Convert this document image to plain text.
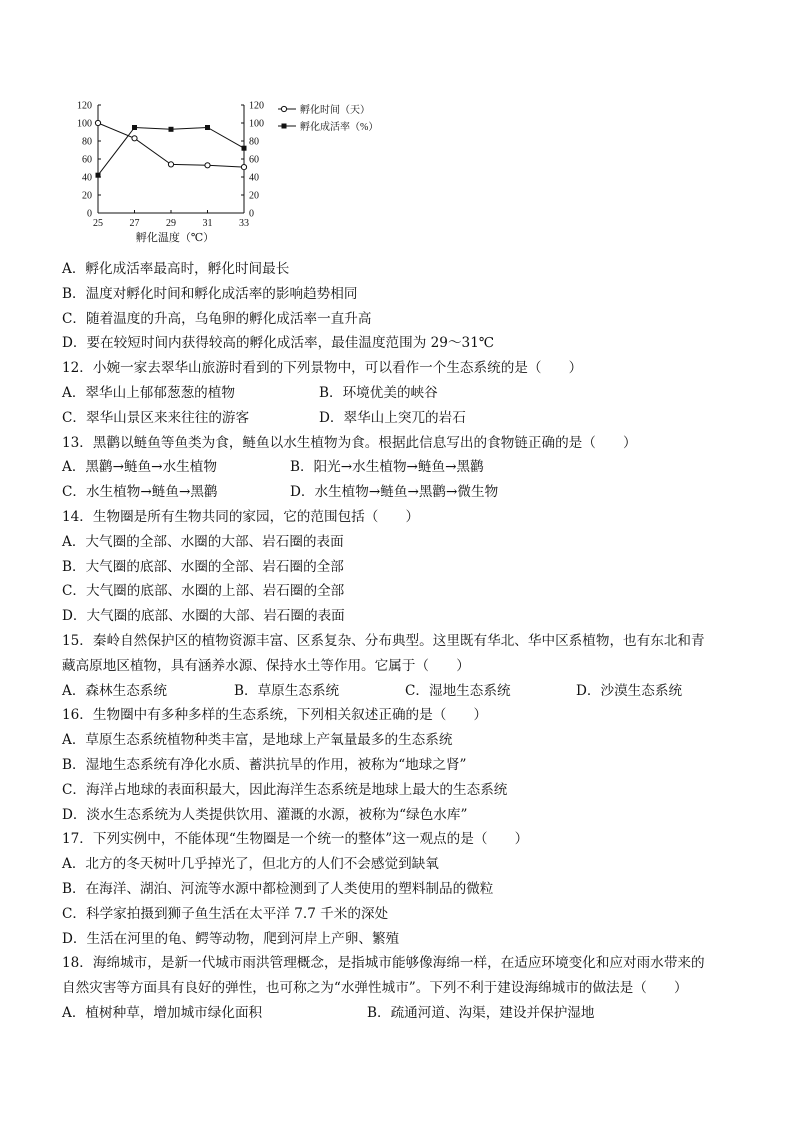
0
20
40
60
80
100
120
0
20
40
60
80
100
120
25	27	29	31	33
孵化时间（天）
孵化成活率（%）
孵化温度（℃）
A．孵化成活率最高时，孵化时间最长
B．温度对孵化时间和孵化成活率的影响趋势相同
C．随着温度的升高，乌龟卵的孵化成活率一直升高
D．要在较短时间内获得较高的孵化成活率，最佳温度范围为 29～31℃
12．小婉一家去翠华山旅游时看到的下列景物中，可以看作一个生态系统的是（　　）
A．翠华山上郁郁葱葱的植物	B．环境优美的峡谷
C．翠华山景区来来往往的游客	D．翠华山上突兀的岩石
13．黑鹳以鲢鱼等鱼类为食，鲢鱼以水生植物为食。根据此信息写出的食物链正确的是（　　）
A．黑鹳→鲢鱼→水生植物	B．阳光→水生植物→鲢鱼→黑鹳
C．水生植物→鲢鱼→黑鹳	D．水生植物→鲢鱼→黑鹳→微生物
14．生物圈是所有生物共同的家园，它的范围包括（　　）
A．大气圈的全部、水圈的大部、岩石圈的表面
B．大气圈的底部、水圈的全部、岩石圈的全部
C．大气圈的底部、水圈的上部、岩石圈的全部
D．大气圈的底部、水圈的大部、岩石圈的表面
15．秦岭自然保护区的植物资源丰富、区系复杂、分布典型。这里既有华北、华中区系植物，也有东北和青
藏高原地区植物，具有涵养水源、保持水土等作用。它属于（　　）
A．森林生态系统	B．草原生态系统	C．湿地生态系统	D．沙漠生态系统
16．生物圈中有多种多样的生态系统，下列相关叙述正确的是（　　）
A．草原生态系统植物种类丰富，是地球上产氧量最多的生态系统
B．湿地生态系统有净化水质、蓄洪抗旱的作用，被称为“地球之肾”
C．海洋占地球的表面积最大，因此海洋生态系统是地球上最大的生态系统
D．淡水生态系统为人类提供饮用、灌溉的水源，被称为“绿色水库”
17．下列实例中，不能体现“生物圈是一个统一的整体”这一观点的是（　　）
A．北方的冬天树叶几乎掉光了，但北方的人们不会感觉到缺氧
B．在海洋、湖泊、河流等水源中都检测到了人类使用的塑料制品的微粒
C．科学家拍摄到狮子鱼生活在太平洋 7.7 千米的深处
D．生活在河里的龟、鳄等动物，爬到河岸上产卵、繁殖
18．海绵城市，是新一代城市雨洪管理概念，是指城市能够像海绵一样，在适应环境变化和应对雨水带来的
自然灾害等方面具有良好的弹性，也可称之为“水弹性城市”。下列不利于建设海绵城市的做法是（　　）
A．植树种草，增加城市绿化面积	B．疏通河道、沟渠，建设并保护湿地
